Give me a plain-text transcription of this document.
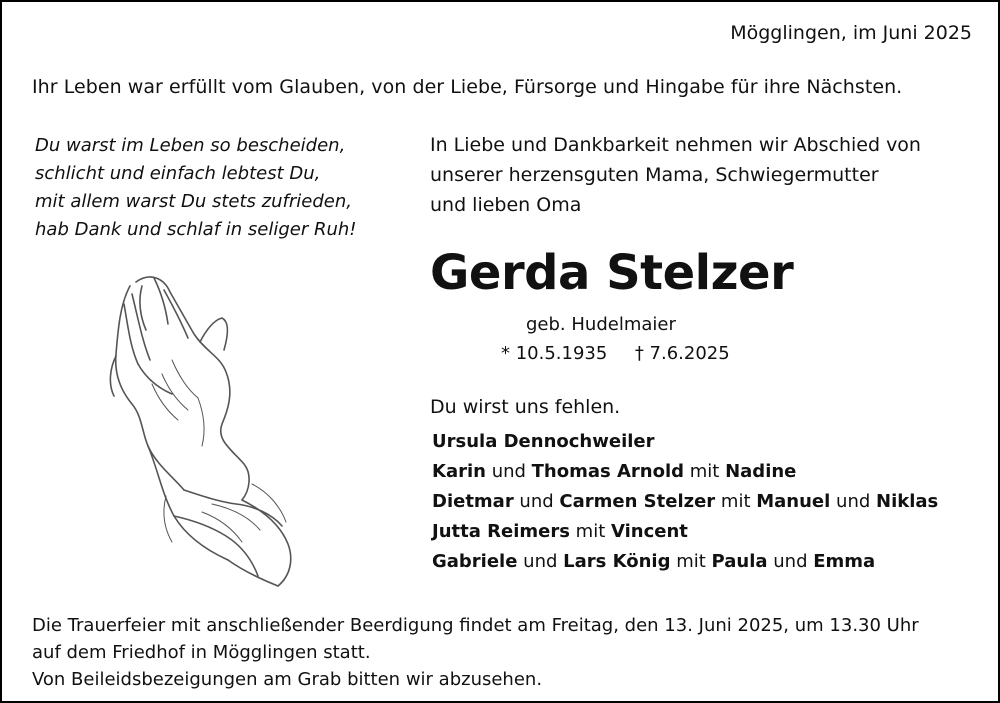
Mögglingen, im Juni 2025
Ihr Leben war erfüllt vom Glauben, von der Liebe, Fürsorge und Hingabe für ihre Nächsten.
Du warst im Leben so bescheiden,
schlicht und einfach lebtest Du,
mit allem warst Du stets zufrieden,
hab Dank und schlaf in seliger Ruh!
In Liebe und Dankbarkeit nehmen wir Abschied von
unserer herzensguten Mama, Schwiegermutter
und lieben Oma
Gerda Stelzer
geb. Hudelmaier
* 10.5.1935 † 7.6.2025
Du wirst uns fehlen.
Ursula Dennochweiler
Karin und Thomas Arnold mit Nadine
Dietmar und Carmen Stelzer mit Manuel und Niklas
Jutta Reimers mit Vincent
Gabriele und Lars König mit Paula und Emma
Die Trauerfeier mit anschließender Beerdigung findet am Freitag, den 13. Juni 2025, um 13.30 Uhr
auf dem Friedhof in Mögglingen statt.
Von Beileidsbezeigungen am Grab bitten wir abzusehen.
